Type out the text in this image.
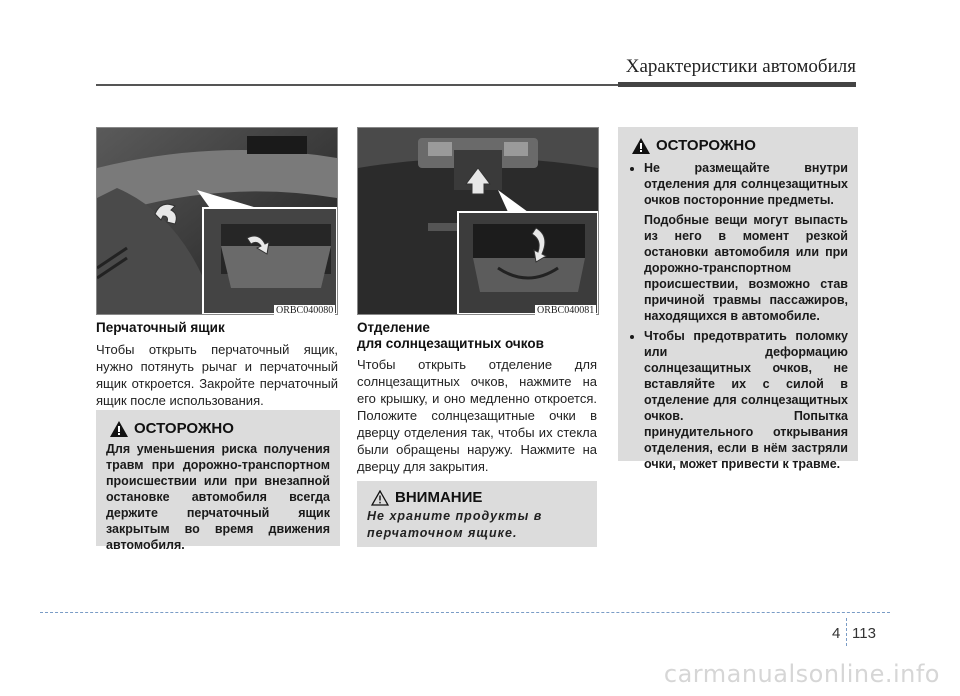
Характеристики автомобиля
ORBC040080
Перчаточный ящик
Чтобы открыть перчаточный ящик, нужно потянуть рычаг и перчаточный ящик откроется. Закройте перчаточный ящик после использования.
ОСТОРОЖНО
Для уменьшения риска получения травм при дорожно-транспортном происшествии или при внезапной остановке автомобиля всегда держите перчаточный ящик закрытым во время движения автомобиля.
ORBC040081
Отделение
для солнцезащитных очков
Чтобы открыть отделение для солнцезащитных очков, нажмите на его крышку, и оно медленно откроется. Положите солнцезащитные очки в дверцу отделения так, чтобы их стекла были обращены наружу. Нажмите на дверцу для закрытия.
ВНИМАНИЕ
Не храните продукты в перчаточном ящике.
ОСТОРОЖНО

• Не размещайте внутри отделения для солнцезащитных очков посторонние предметы.

Подобные вещи могут выпасть из него в момент резкой остановки автомобиля или при дорожно-транспортном происшествии, возможно став причиной травмы пассажиров, находящихся в автомобиле.

• Чтобы предотвратить поломку или деформацию солнцезащитных очков, не вставляйте их с силой в отделение для солнцезащитных очков. Попытка принудительного открывания отделения, если в нём застряли очки, может привести к травме.

4 113
carmanualsonline.info
